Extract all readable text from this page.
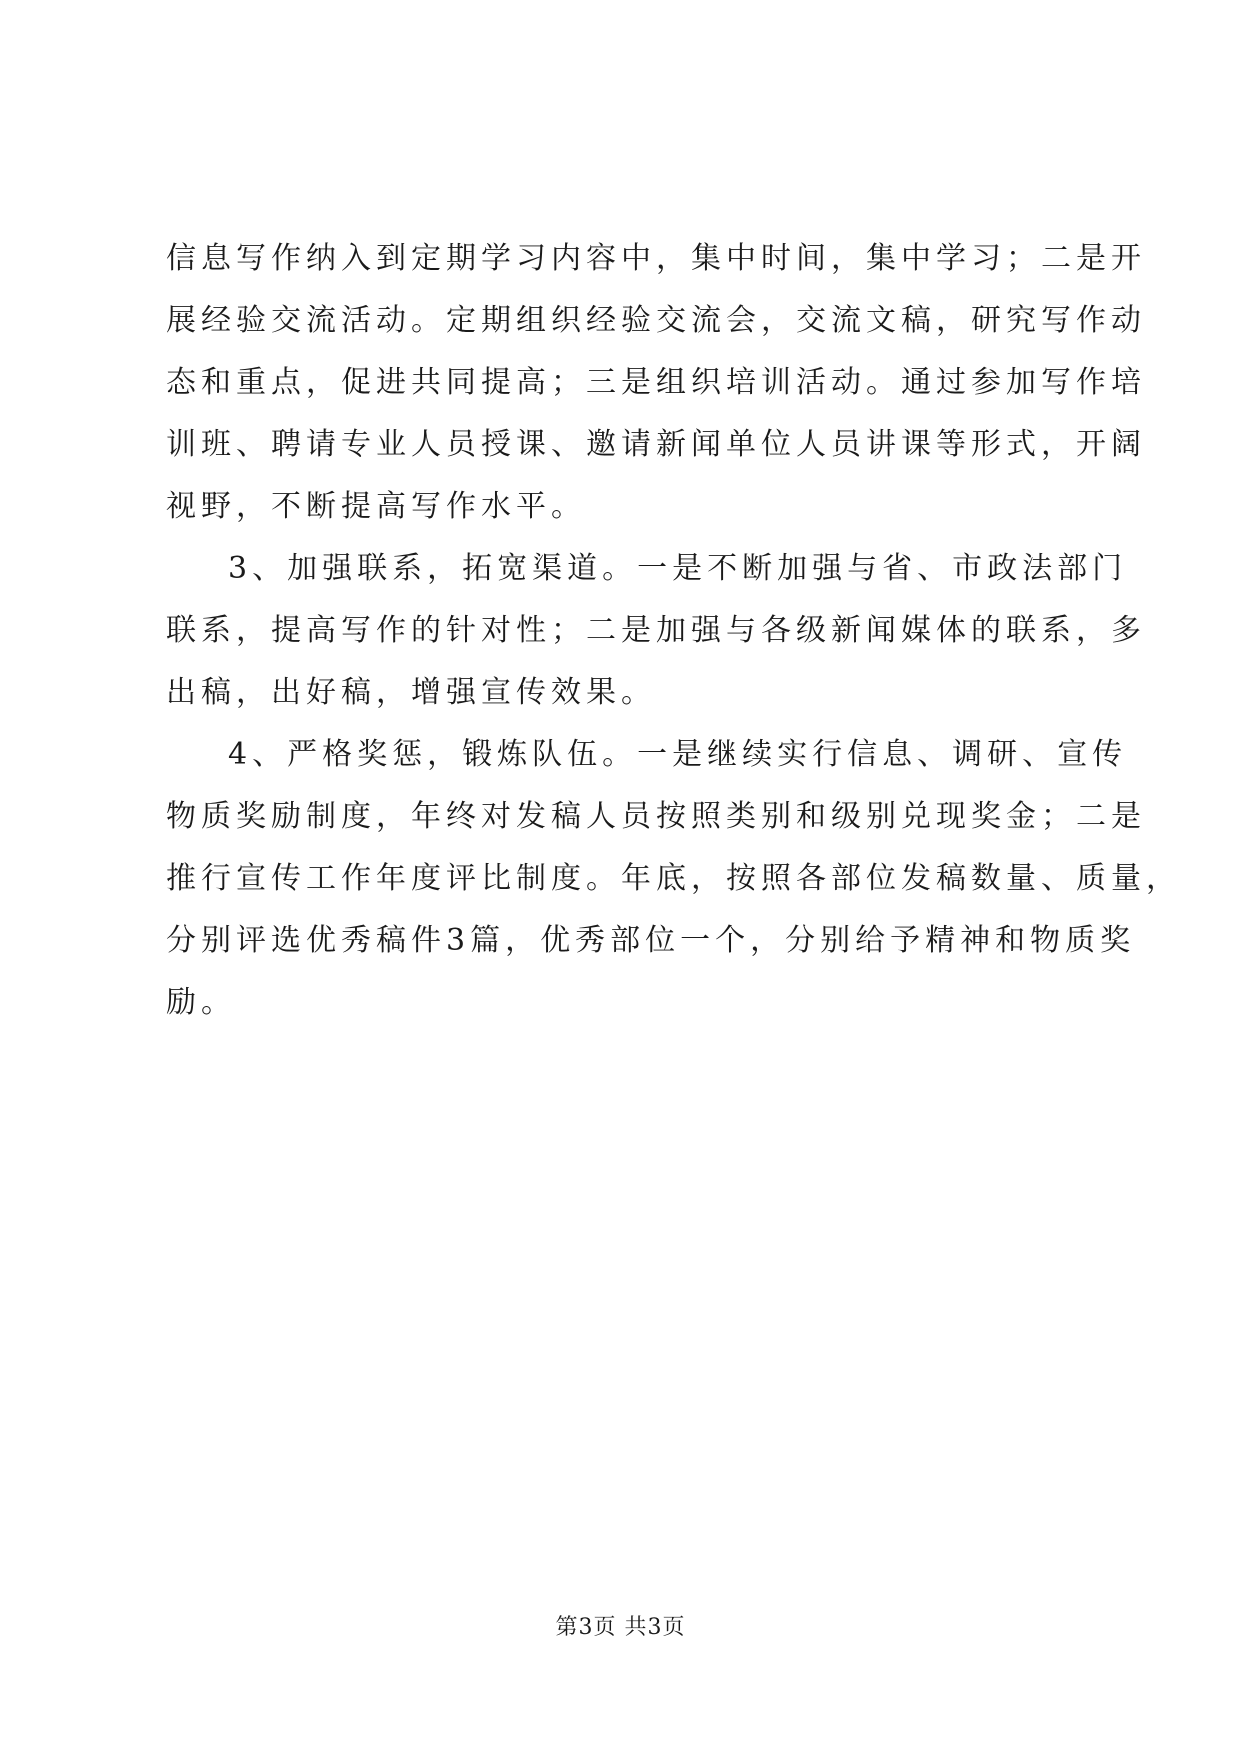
信息写作纳入到定期学习内容中，集中时间，集中学习；二是开
展经验交流活动。定期组织经验交流会，交流文稿，研究写作动
态和重点，促进共同提高；三是组织培训活动。通过参加写作培
训班、聘请专业人员授课、邀请新闻单位人员讲课等形式，开阔
视野，不断提高写作水平。
3、加强联系，拓宽渠道。一是不断加强与省、市政法部门
联系，提高写作的针对性；二是加强与各级新闻媒体的联系，多
出稿，出好稿，增强宣传效果。
4、严格奖惩，锻炼队伍。一是继续实行信息、调研、宣传
物质奖励制度，年终对发稿人员按照类别和级别兑现奖金；二是
推行宣传工作年度评比制度。年底，按照各部位发稿数量、质量，
分别评选优秀稿件3篇，优秀部位一个，分别给予精神和物质奖
励。
第3页 共3页
